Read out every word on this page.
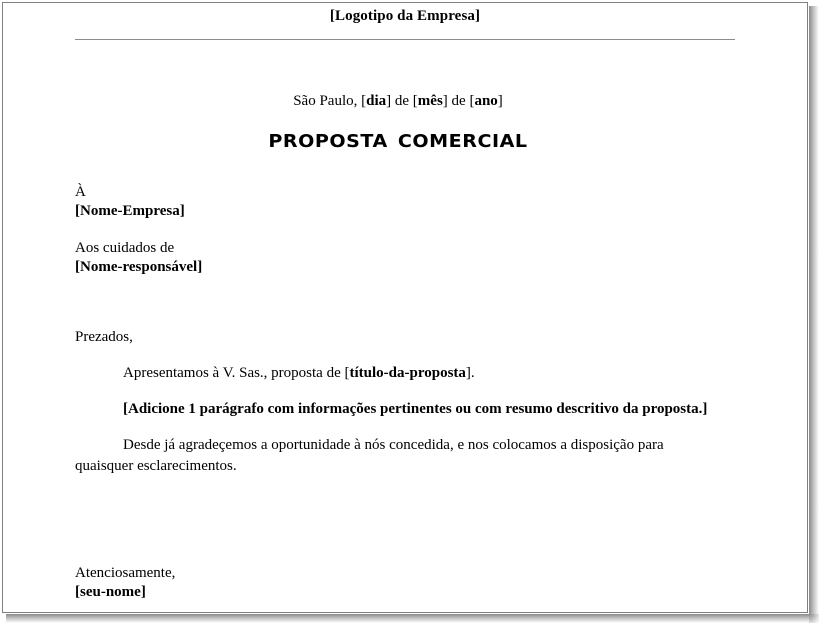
[Logotipo da Empresa]
São Paulo, [dia] de [mês] de [ano]
proposta comercial
À
[Nome-Empresa]
Aos cuidados de
[Nome-responsável]
Prezados,
Apresentamos à V. Sas., proposta de [título-da-proposta].
[Adicione 1 parágrafo com informações pertinentes ou com resumo descritivo da proposta.]
Desde já agradeçemos a oportunidade à nós concedida, e nos colocamos a disposição para quaisquer esclarecimentos.
Atenciosamente,
[seu-nome]
